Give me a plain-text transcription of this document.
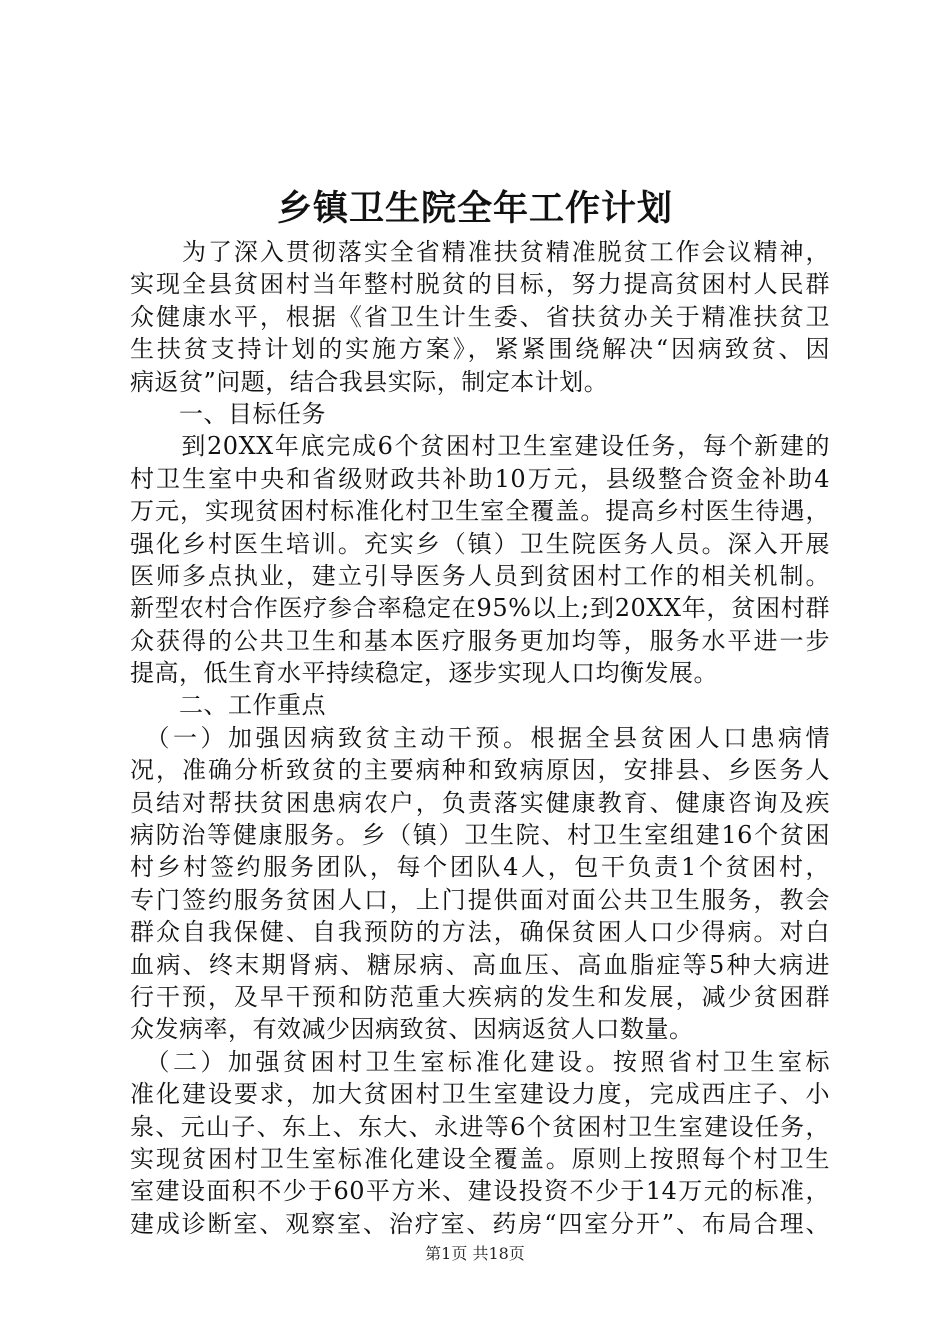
乡镇卫生院全年工作计划
　　为了深入贯彻落实全省精准扶贫精准脱贫工作会议精神，
实现全县贫困村当年整村脱贫的目标，努力提高贫困村人民群
众健康水平，根据《省卫生计生委、省扶贫办关于精准扶贫卫
生扶贫支持计划的实施方案》，紧紧围绕解决“因病致贫、因
病返贫”问题，结合我县实际，制定本计划。
　　一、目标任务
　　到20XX年底完成6个贫困村卫生室建设任务，每个新建的
村卫生室中央和省级财政共补助10万元，县级整合资金补助4
万元，实现贫困村标准化村卫生室全覆盖。提高乡村医生待遇，
强化乡村医生培训。充实乡（镇）卫生院医务人员。深入开展
医师多点执业，建立引导医务人员到贫困村工作的相关机制。
新型农村合作医疗参合率稳定在95%以上;到20XX年，贫困村群
众获得的公共卫生和基本医疗服务更加均等，服务水平进一步
提高，低生育水平持续稳定，逐步实现人口均衡发展。
　　二、工作重点
　（一）加强因病致贫主动干预。根据全县贫困人口患病情
况，准确分析致贫的主要病种和致病原因，安排县、乡医务人
员结对帮扶贫困患病农户，负责落实健康教育、健康咨询及疾
病防治等健康服务。乡（镇）卫生院、村卫生室组建16个贫困
村乡村签约服务团队，每个团队4人，包干负责1个贫困村，
专门签约服务贫困人口，上门提供面对面公共卫生服务，教会
群众自我保健、自我预防的方法，确保贫困人口少得病。对白
血病、终末期肾病、糖尿病、高血压、高血脂症等5种大病进
行干预，及早干预和防范重大疾病的发生和发展，减少贫困群
众发病率，有效减少因病致贫、因病返贫人口数量。
　（二）加强贫困村卫生室标准化建设。按照省村卫生室标
准化建设要求，加大贫困村卫生室建设力度，完成西庄子、小
泉、元山子、东上、东大、永进等6个贫困村卫生室建设任务，
实现贫困村卫生室标准化建设全覆盖。原则上按照每个村卫生
室建设面积不少于60平方米、建设投资不少于14万元的标准，
建成诊断室、观察室、治疗室、药房“四室分开”、布局合理、
第1页 共18页
